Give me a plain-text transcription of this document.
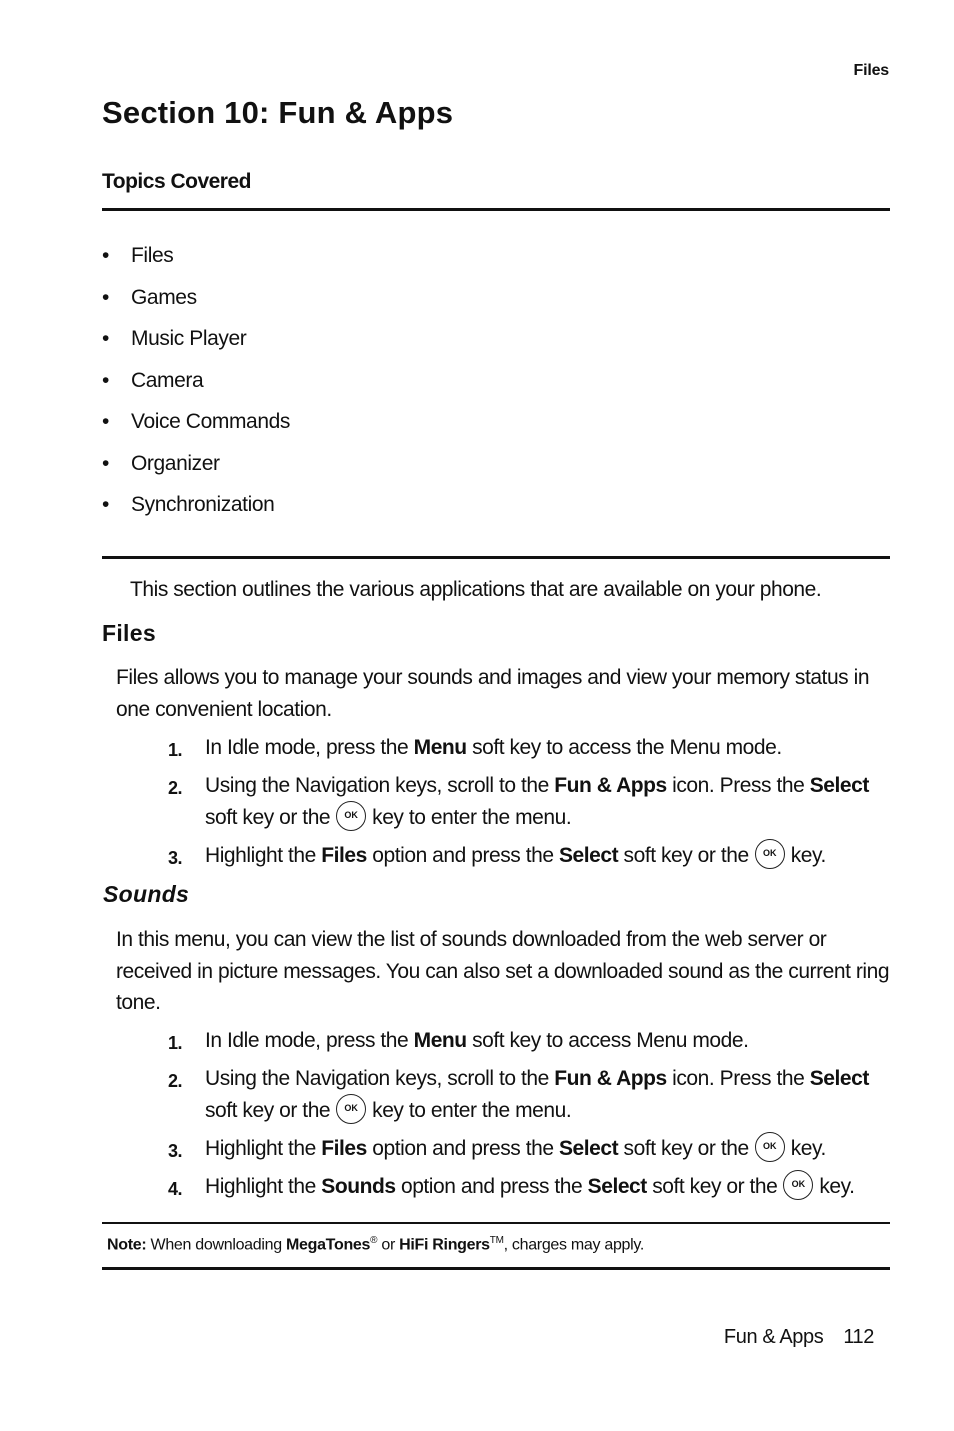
Files
Section 10: Fun & Apps
Topics Covered
• Files
• Games
• Music Player
• Camera
• Voice Commands
• Organizer
• Synchronization
This section outlines the various applications that are available on your phone.
Files
Files allows you to manage your sounds and images and view your memory status in one convenient location.
1. In Idle mode, press the Menu soft key to access the Menu mode.
2. Using the Navigation keys, scroll to the Fun & Apps icon. Press the Select soft key or the OK key to enter the menu.
3. Highlight the Files option and press the Select soft key or the OK key.
Sounds
In this menu, you can view the list of sounds downloaded from the web server or received in picture messages. You can also set a downloaded sound as the current ring tone.
1. In Idle mode, press the Menu soft key to access Menu mode.
2. Using the Navigation keys, scroll to the Fun & Apps icon. Press the Select soft key or the OK key to enter the menu.
3. Highlight the Files option and press the Select soft key or the OK key.
4. Highlight the Sounds option and press the Select soft key or the OK key.
Note: When downloading MegaTones® or HiFi Ringers™, charges may apply.
Fun & Apps 112
